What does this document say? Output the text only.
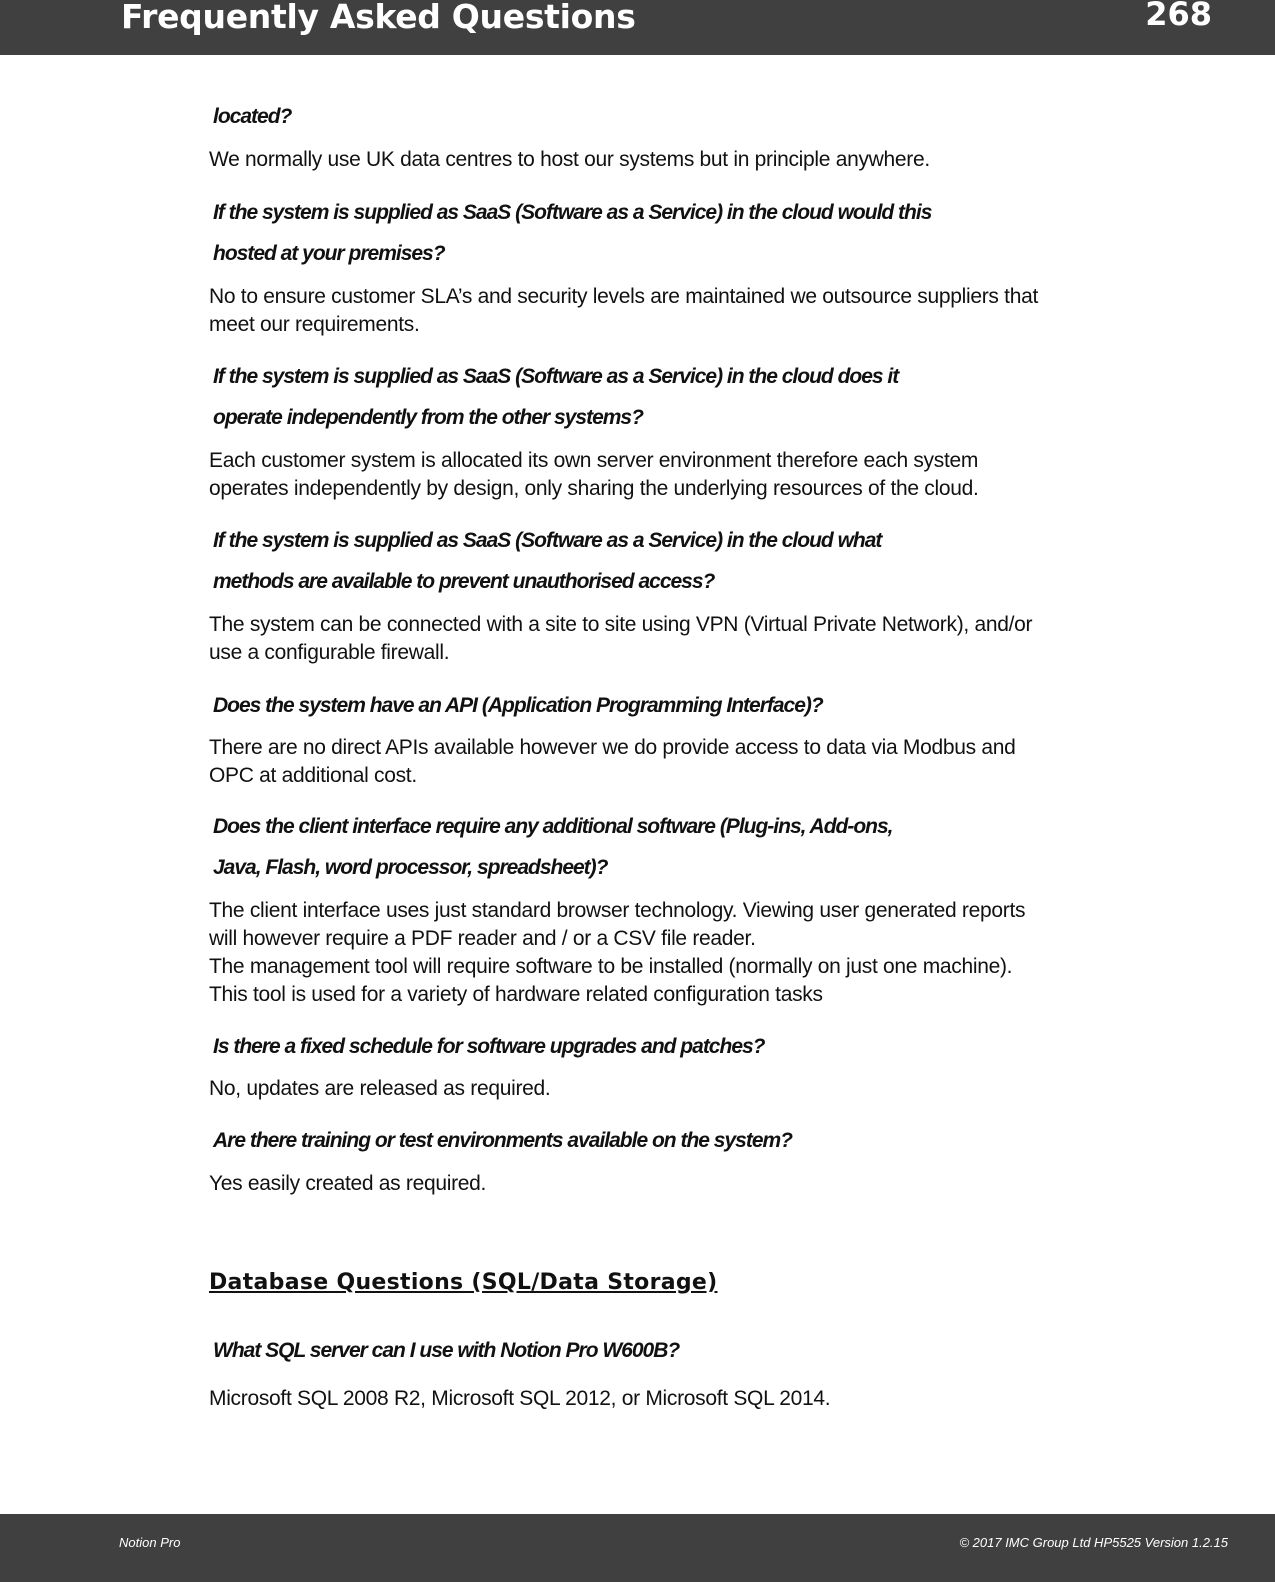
Frequently Asked Questions	268
located?
We normally use UK data centres to host our systems but in principle anywhere.
If the system is supplied as SaaS (Software as a Service) in the cloud would this
hosted at your premises?
No to ensure customer SLA’s and security levels are maintained we outsource suppliers that
meet our requirements.
If the system is supplied as SaaS (Software as a Service) in the cloud does it
operate independently from the other systems?
Each customer system is allocated its own server environment therefore each system
operates independently by design, only sharing the underlying resources of the cloud.
If the system is supplied as SaaS (Software as a Service) in the cloud what
methods are available to prevent unauthorised access?
The system can be connected with a site to site using VPN (Virtual Private Network), and/or
use a configurable firewall.
Does the system have an API (Application Programming Interface)?
There are no direct APIs available however we do provide access to data via Modbus and
OPC at additional cost.
Does the client interface require any additional software (Plug-ins, Add-ons,
Java, Flash, word processor, spreadsheet)?
The client interface uses just standard browser technology. Viewing user generated reports
will however require a PDF reader and / or a CSV file reader.
The management tool will require software to be installed (normally on just one machine).
This tool is used for a variety of hardware related configuration tasks
Is there a fixed schedule for software upgrades and patches?
No, updates are released as required.
Are there training or test environments available on the system?
Yes easily created as required.
Database Questions (SQL/Data Storage)
What SQL server can I use with Notion Pro W600B?
Microsoft SQL 2008 R2, Microsoft SQL 2012, or Microsoft SQL 2014.
Notion Pro	© 2017 IMC Group Ltd HP5525 Version 1.2.15
